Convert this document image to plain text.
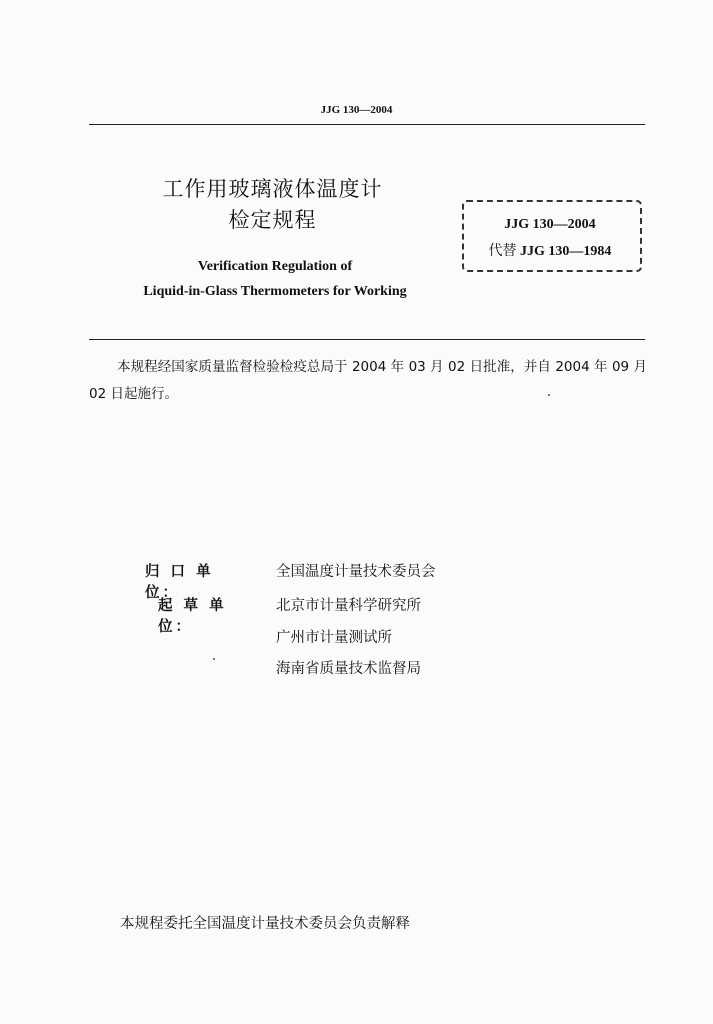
JJG 130—2004
工作用玻璃液体温度计
检定规程
Verification Regulation of
Liquid-in-Glass Thermometers for Working
JJG 130—2004
代替 JJG 130—1984
本规程经国家质量监督检验检疫总局于 2004 年 03 月 02 日批准，并自 2004 年 09 月 02 日起施行。
归 口 单 位：
全国温度计量技术委员会
起 草 单 位：
北京市计量科学研究所
广州市计量测试所
海南省质量技术监督局
本规程委托全国温度计量技术委员会负责解释
